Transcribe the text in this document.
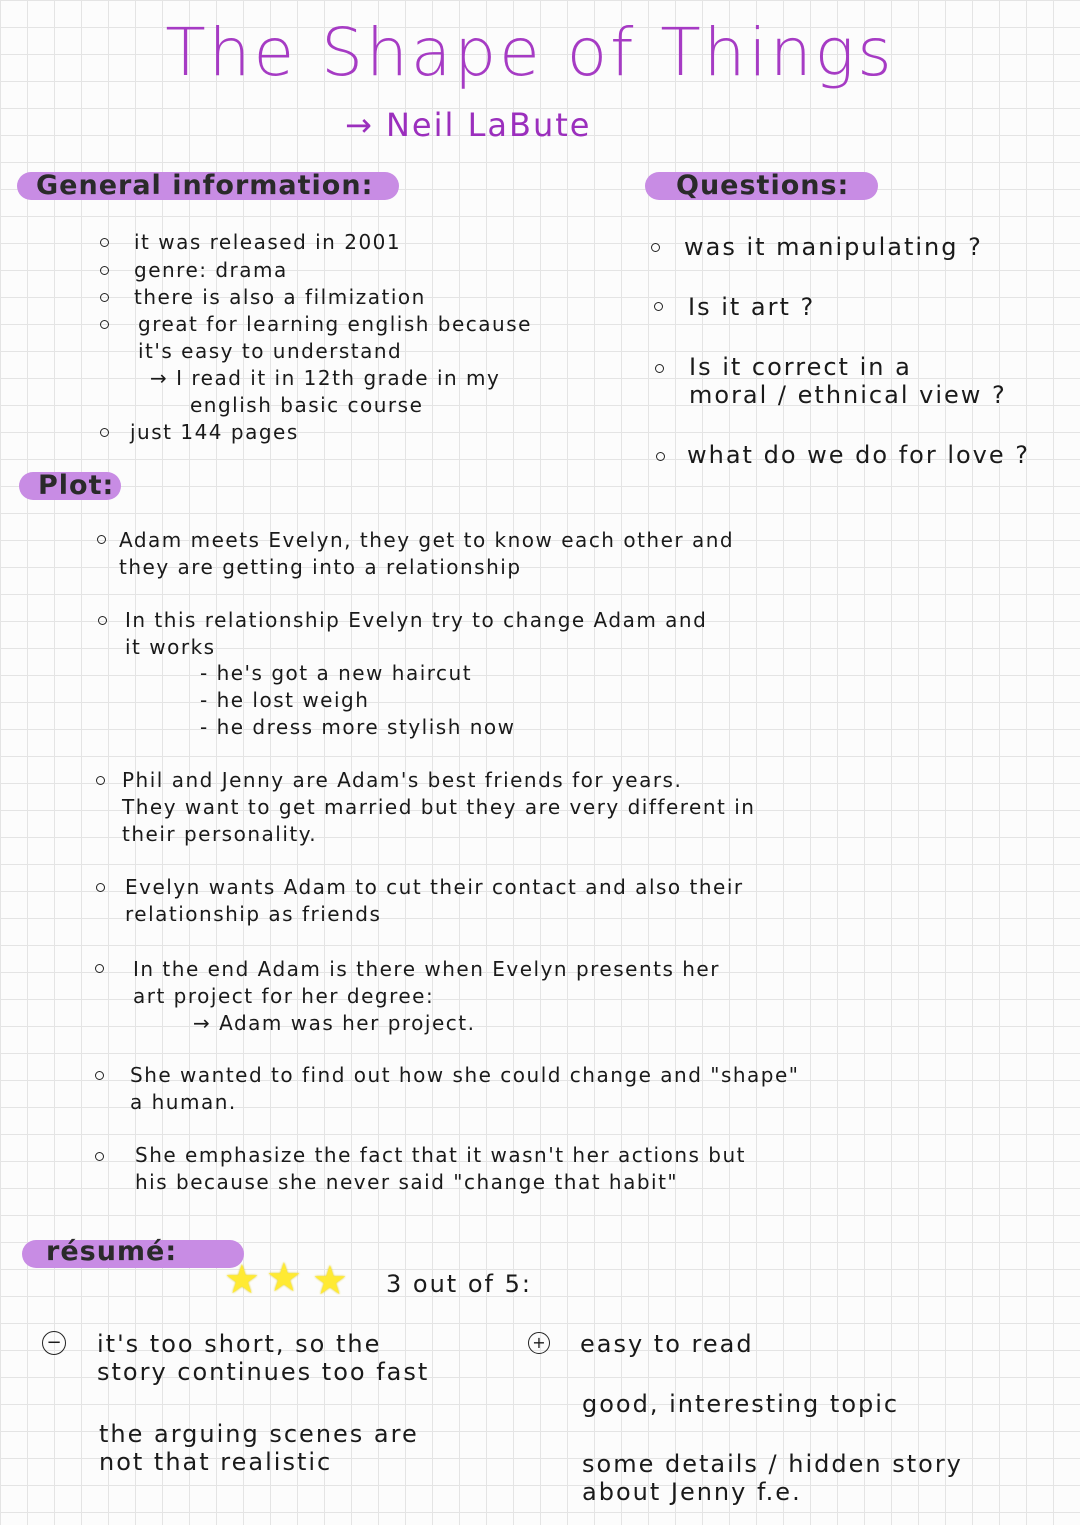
The Shape of Things
→ Neil LaBute
General information:
it was released in 2001
genre: drama
there is also a filmization
great for learning english because
it's easy to understand
→ I read it in 12th grade in my
english basic course
just 144 pages
Questions:
was it manipulating ?
Is it art ?
Is it correct in a
moral / ethnical view ?
what do we do for love ?
Plot:
Adam meets Evelyn, they get to know each other and
they are getting into a relationship
In this relationship Evelyn try to change Adam and
it works
- he's got a new haircut
- he lost weigh
- he dress more stylish now
Phil and Jenny are Adam's best friends for years.
They want to get married but they are very different in
their personality.
Evelyn wants Adam to cut their contact and also their
relationship as friends
In the end Adam is there when Evelyn presents her
art project for her degree:
→ Adam was her project.
She wanted to find out how she could change and "shape"
a human.
She emphasize the fact that it wasn't her actions but
his because she never said "change that habit"
résumé:
★ ★ ★ 3 out of 5:
− it's too short, so the
story continues too fast
the arguing scenes are
not that realistic
+ easy to read
good, interesting topic
some details / hidden story
about Jenny f.e.
